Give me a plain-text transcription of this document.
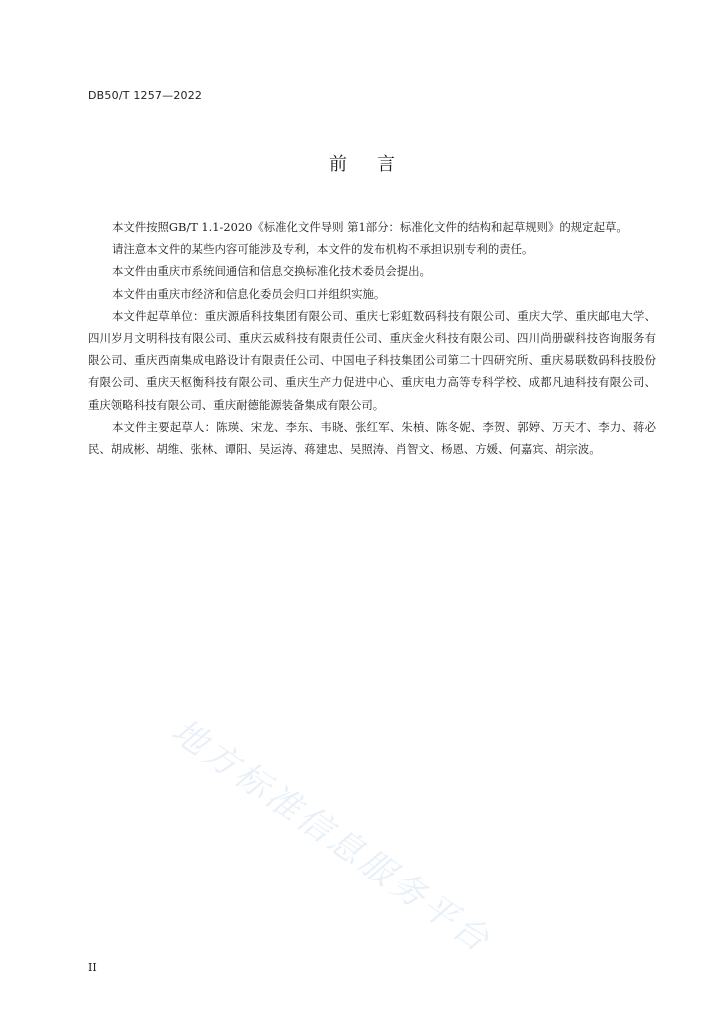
DB50/T 1257—2022
前言

本文件按照GB/T 1.1-2020《标准化文件导则 第1部分：标准化文件的结构和起草规则》的规定起草。

请注意本文件的某些内容可能涉及专利，本文件的发布机构不承担识别专利的责任。

本文件由重庆市系统间通信和信息交换标准化技术委员会提出。

本文件由重庆市经济和信息化委员会归口并组织实施。

本文件起草单位：重庆源盾科技集团有限公司、重庆七彩虹数码科技有限公司、重庆大学、重庆邮电大学、四川岁月文明科技有限公司、重庆云威科技有限责任公司、重庆金火科技有限公司、四川尚册碳科技咨询服务有限公司、重庆西南集成电路设计有限责任公司、中国电子科技集团公司第二十四研究所、重庆易联数码科技股份有限公司、重庆天枢衡科技有限公司、重庆生产力促进中心、重庆电力高等专科学校、成都凡迪科技有限公司、重庆领略科技有限公司、重庆耐德能源装备集成有限公司。

本文件主要起草人：陈瑛、宋龙、李东、韦晓、张红军、朱楨、陈冬妮、李贺、郭婷、万天才、李力、蒋必民、胡成彬、胡维、张林、谭阳、吴运涛、蒋建忠、吴照涛、肖智文、杨恩、方媛、何嘉宾、胡宗波。

地方标准信息服务平台
II
